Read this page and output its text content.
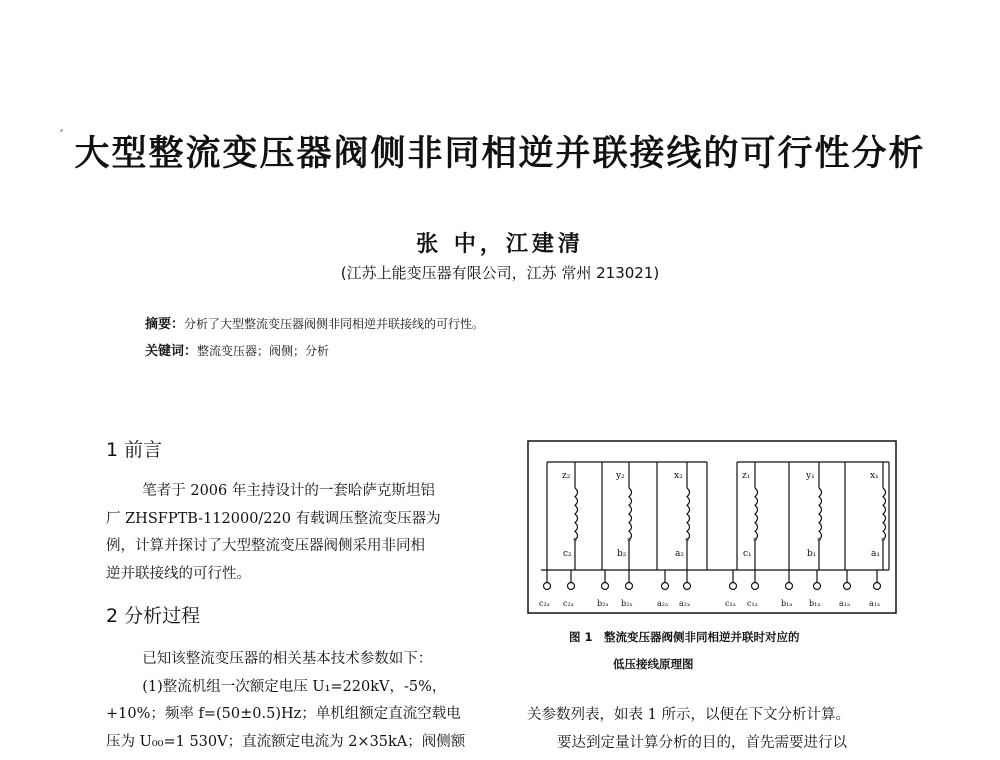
大型整流变压器阀侧非同相逆并联接线的可行性分析
张 中，江建清
(江苏上能变压器有限公司，江苏 常州 213021)
摘要：分析了大型整流变压器阀侧非同相逆并联接线的可行性。
关键词：整流变压器；阀侧；分析
1 前言
笔者于 2006 年主持设计的一套哈萨克斯坦铝
厂 ZHSFPTB-112000/220 有载调压整流变压器为
例，计算并探讨了大型整流变压器阀侧采用非同相
逆并联接线的可行性。
2 分析过程
已知该整流变压器的相关基本技术参数如下：
(1)整流机组一次额定电压 U₁=220kV，-5%，
+10%；频率 f=(50±0.5)Hz；单机组额定直流空载电
压为 U₀₀=1 530V；直流额定电流为 2×35kA；阀侧额
z₂
c₂
*
y₂
b₂
*
x₂
a₂
*
z₁
c₁
*
y₁
b₁
*
x₁
a₁
*
c₂ₐ c₂ₓ	b₂ₐ b₂ₓ	a₂ₐ a₂ₓ	c₁ₐ c₁ₓ	b₁ₐ b₁ₓ a₁ₐ a₁ₓ
图 1　整流变压器阀侧非同相逆并联时对应的
低压接线原理图
关参数列表，如表 1 所示，以便在下文分析计算。
要达到定量计算分析的目的，首先需要进行以
